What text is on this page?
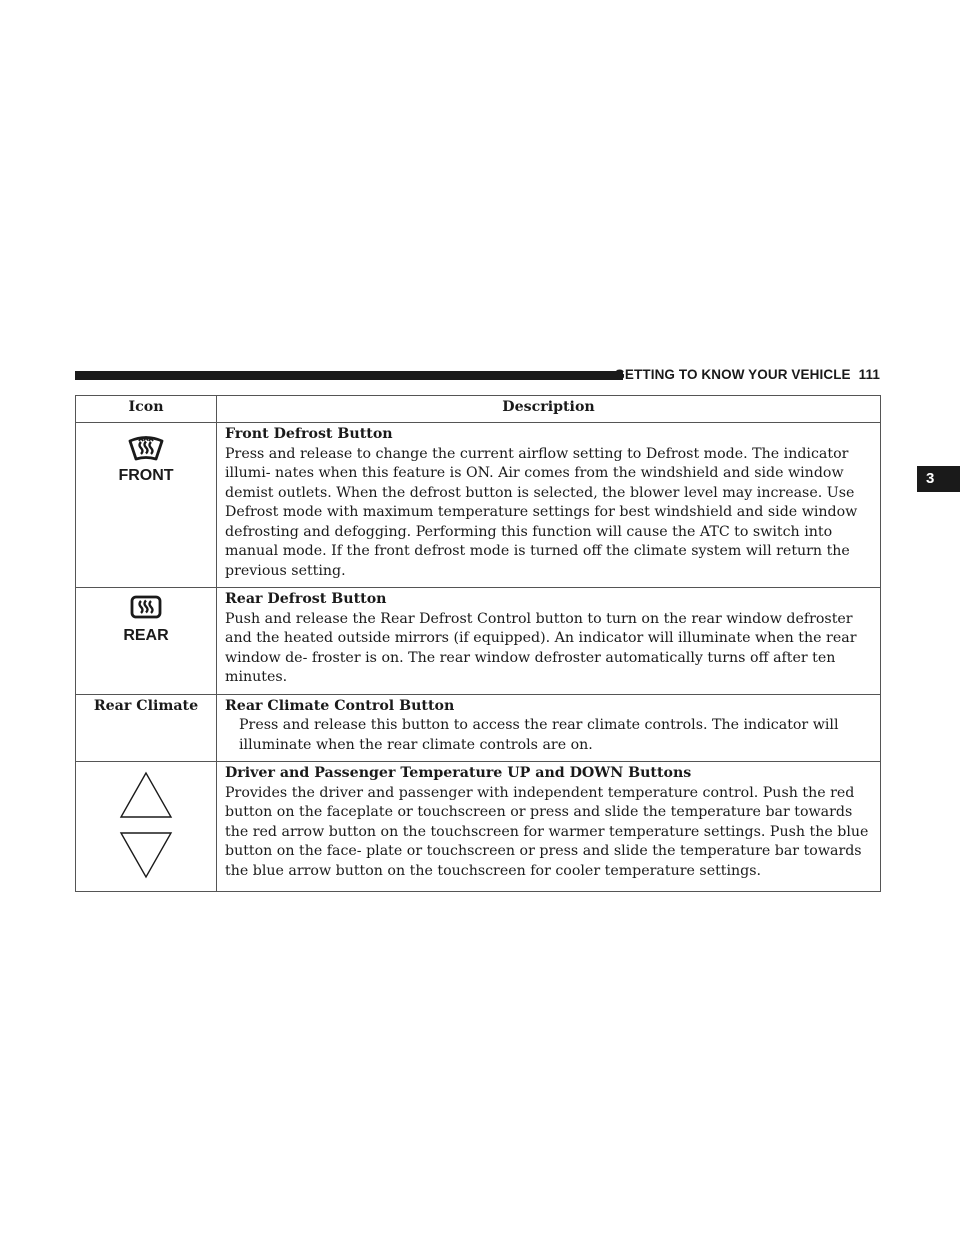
GETTING TO KNOW YOUR VEHICLE 111
3
Icon	Description

FRONT	Front Defrost Button
Press and release to change the current airflow setting to Defrost mode. The indicator illumi- nates when this feature is ON. Air comes from the windshield and side window demist outlets. When the defrost button is selected, the blower level may increase. Use Defrost mode with maximum temperature settings for best windshield and side window defrosting and defogging. Performing this function will cause the ATC to switch into manual mode. If the front defrost mode is turned off the climate system will return the previous setting.

REAR	Rear Defrost Button
Push and release the Rear Defrost Control button to turn on the rear window defroster and the heated outside mirrors (if equipped). An indicator will illuminate when the rear window de- froster is on. The rear window defroster automatically turns off after ten minutes.

Rear Climate	Rear Climate Control Button
Press and release this button to access the rear climate controls. The indicator will illuminate when the rear climate controls are on.

Driver and Passenger Temperature UP and DOWN Buttons
Provides the driver and passenger with independent temperature control. Push the red button on the faceplate or touchscreen or press and slide the temperature bar towards the red arrow button on the touchscreen for warmer temperature settings. Push the blue button on the face- plate or touchscreen or press and slide the temperature bar towards the blue arrow button on the touchscreen for cooler temperature settings.
